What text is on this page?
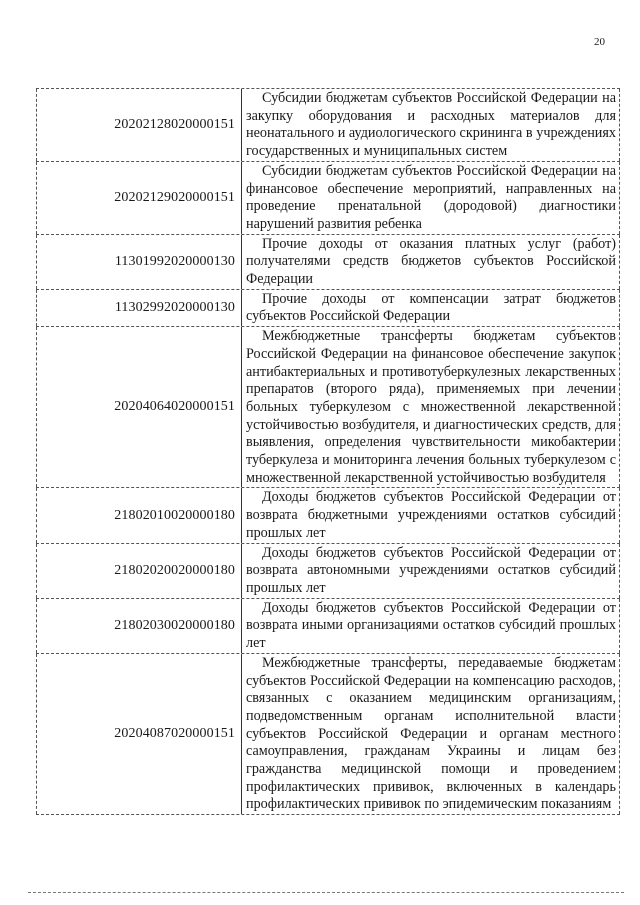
20
20202128020000151
Субсидии бюджетам субъектов Российской Федерации на закупку оборудования и расходных материалов для неонатального и аудиологического скрининга в учреждениях государственных и муниципальных систем
20202129020000151
Субсидии бюджетам субъектов Российской Федерации на финансовое обеспечение мероприятий, направленных на проведение пренатальной (дородовой) диагностики нарушений развития ребенка
11301992020000130
Прочие доходы от оказания платных услуг (работ) получателями средств бюджетов субъектов Российской Федерации
11302992020000130
Прочие доходы от компенсации затрат бюджетов субъектов Российской Федерации
20204064020000151
Межбюджетные трансферты бюджетам субъектов Российской Федерации на финансовое обеспечение закупок антибактериальных и противотуберкулезных лекарственных препаратов (второго ряда), применяемых при лечении больных туберкулезом с множественной лекарственной устойчивостью возбудителя, и диагностических средств, для выявления, определения чувствительности микобактерии туберкулеза и мониторинга лечения больных туберкулезом с множественной лекарственной устойчивостью возбудителя
21802010020000180
Доходы бюджетов субъектов Российской Федерации от возврата бюджетными учреждениями остатков субсидий прошлых лет
21802020020000180
Доходы бюджетов субъектов Российской Федерации от возврата автономными учреждениями остатков субсидий прошлых лет
21802030020000180
Доходы бюджетов субъектов Российской Федерации от возврата иными организациями остатков субсидий прошлых лет
20204087020000151
Межбюджетные трансферты, передаваемые бюджетам субъектов Российской Федерации на компенсацию расходов, связанных с оказанием медицинским организациям, подведомственным органам исполнительной власти субъектов Российской Федерации и органам местного самоуправления, гражданам Украины и лицам без гражданства медицинской помощи и проведением профилактических прививок, включенных в календарь профилактических прививок по эпидемическим показаниям
